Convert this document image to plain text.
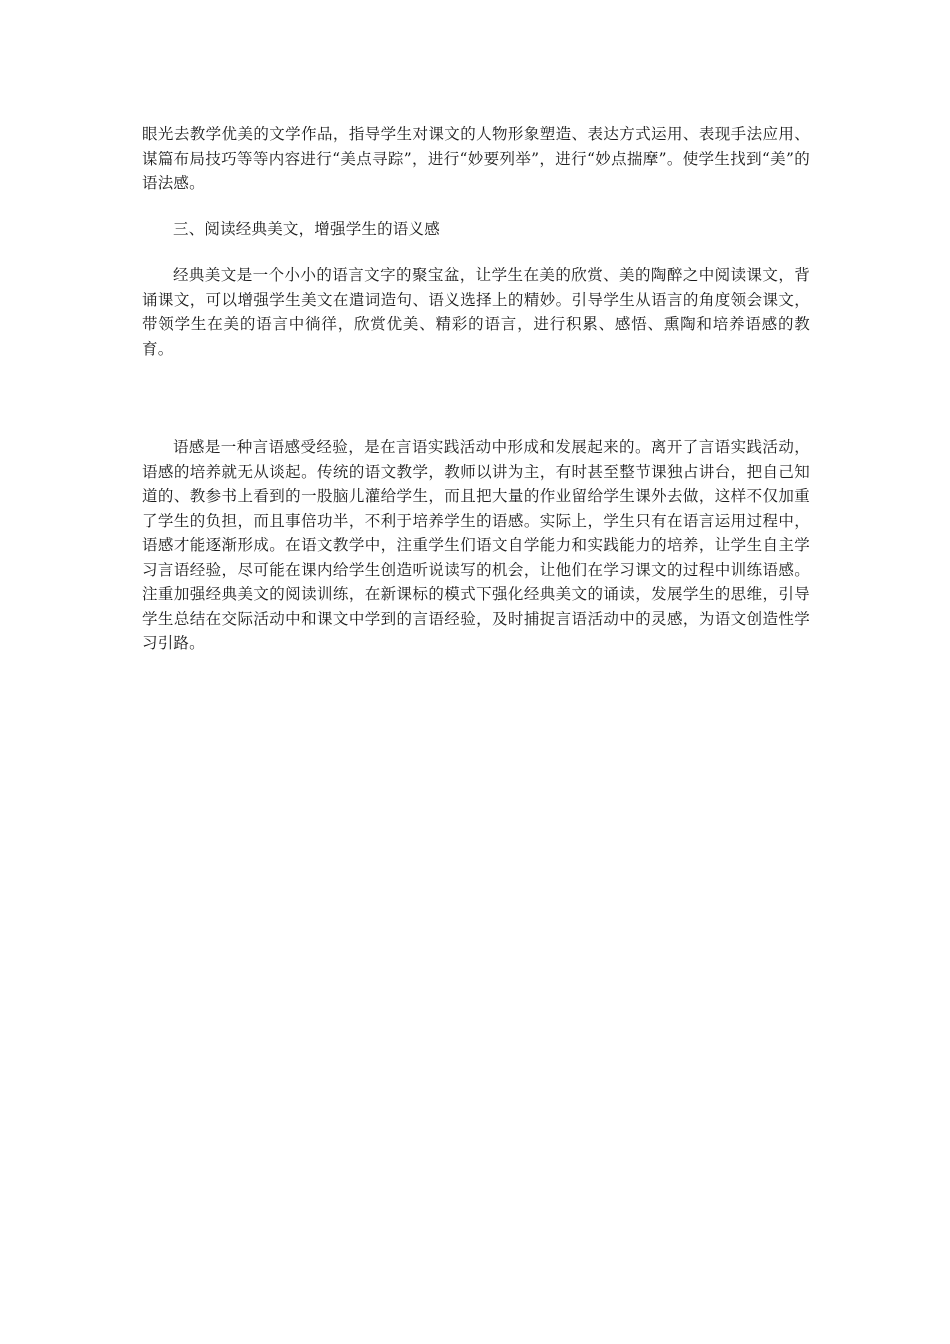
眼光去教学优美的文学作品，指导学生对课文的人物形象塑造、表达方式运用、表现手法应用、谋篇布局技巧等等内容进行“美点寻踪”，进行“妙要列举”，进行“妙点揣摩”。使学生找到“美”的语法感。

三、阅读经典美文，增强学生的语义感

经典美文是一个小小的语言文字的聚宝盆，让学生在美的欣赏、美的陶醉之中阅读课文，背诵课文，可以增强学生美文在遣词造句、语义选择上的精妙。引导学生从语言的角度领会课文，带领学生在美的语言中徜徉，欣赏优美、精彩的语言，进行积累、感悟、熏陶和培养语感的教育。

语感是一种言语感受经验，是在言语实践活动中形成和发展起来的。离开了言语实践活动，语感的培养就无从谈起。传统的语文教学，教师以讲为主，有时甚至整节课独占讲台，把自己知道的、教参书上看到的一股脑儿灌给学生，而且把大量的作业留给学生课外去做，这样不仅加重了学生的负担，而且事倍功半，不利于培养学生的语感。实际上，学生只有在语言运用过程中，语感才能逐渐形成。在语文教学中，注重学生们语文自学能力和实践能力的培养，让学生自主学习言语经验，尽可能在课内给学生创造听说读写的机会，让他们在学习课文的过程中训练语感。注重加强经典美文的阅读训练，在新课标的模式下强化经典美文的诵读，发展学生的思维，引导学生总结在交际活动中和课文中学到的言语经验，及时捕捉言语活动中的灵感，为语文创造性学习引路。
